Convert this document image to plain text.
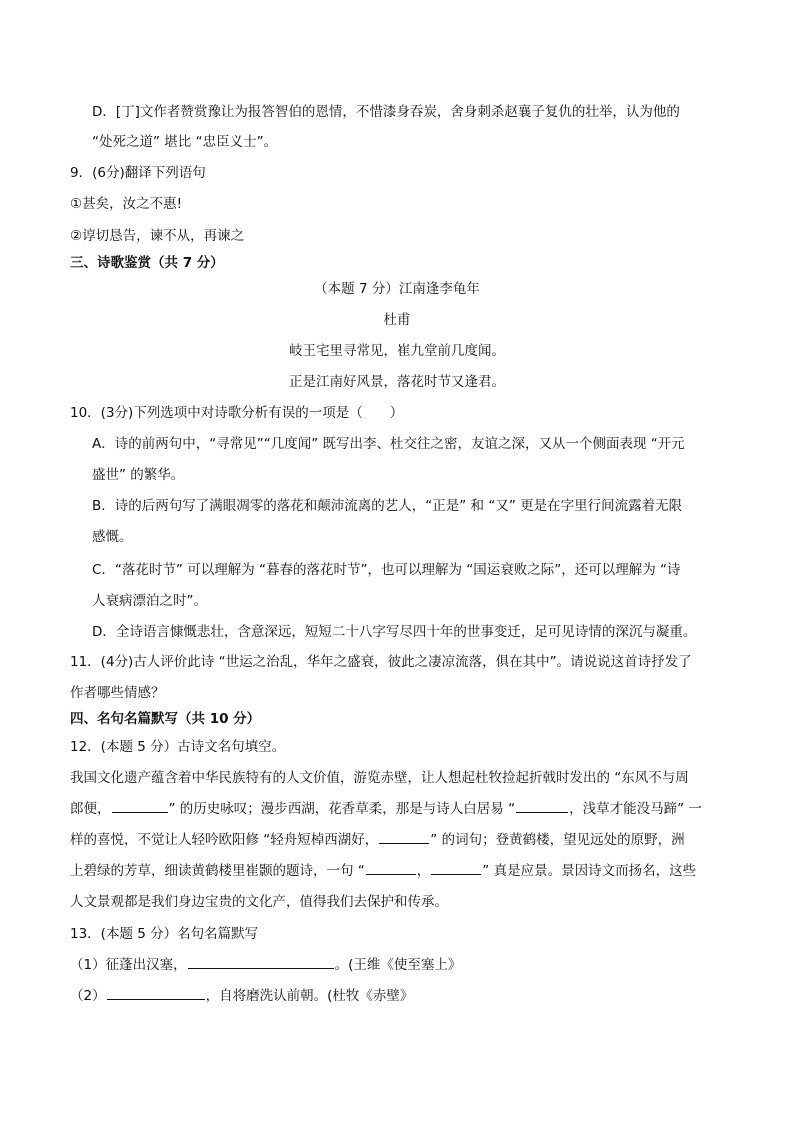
D．[丁]文作者赞赏豫让为报答智伯的恩情，不惜漆身吞炭，舍身刺杀赵襄子复仇的壮举，认为他的
“处死之道” 堪比 “忠臣义士”。
9．(6分)翻译下列语句
①甚矣，汝之不惠!
②谆切恳告，谏不从，再谏之
三、诗歌鉴赏（共 7 分）
（本题 7 分）江南逢李龟年
杜甫
岐王宅里寻常见，崔九堂前几度闻。
正是江南好风景，落花时节又逢君。
10．(3分)下列选项中对诗歌分析有误的一项是（　　）
A．诗的前两句中，“寻常见”“几度闻” 既写出李、杜交往之密，友谊之深，又从一个侧面表现 “开元
盛世” 的繁华。
B．诗的后两句写了满眼凋零的落花和颠沛流离的艺人，“正是” 和 “又” 更是在字里行间流露着无限
感慨。
C．“落花时节” 可以理解为 “暮春的落花时节”，也可以理解为 “国运衰败之际”，还可以理解为 “诗
人衰病漂泊之时”。
D．全诗语言慷慨悲壮，含意深远，短短二十八字写尽四十年的世事变迁，足可见诗情的深沉与凝重。
11．(4分)古人评价此诗 “世运之治乱，华年之盛衰，彼此之凄凉流落，俱在其中”。请说说这首诗抒发了
作者哪些情感？
四、名句名篇默写（共 10 分）
12．(本题 5 分）古诗文名句填空。
我国文化遗产蕴含着中华民族特有的人文价值，游览赤壁，让人想起杜牧捡起折戟时发出的 “东风不与周
郎便，	” 的历史咏叹；漫步西湖，花香草柔，那是与诗人白居易 “	，浅草才能没马蹄” 一
样的喜悦，不觉让人轻吟欧阳修 “轻舟短棹西湖好，	” 的词句；登黄鹤楼，望见远处的原野，洲
上碧绿的芳草，细读黄鹤楼里崔颢的题诗，一句 “	，	” 真是应景。景因诗文而扬名，这些
人文景观都是我们身边宝贵的文化产，值得我们去保护和传承。
13．(本题 5 分）名句名篇默写
（1）征蓬出汉塞，	。(王维《使至塞上》
（2）	，自将磨洗认前朝。(杜牧《赤壁》
